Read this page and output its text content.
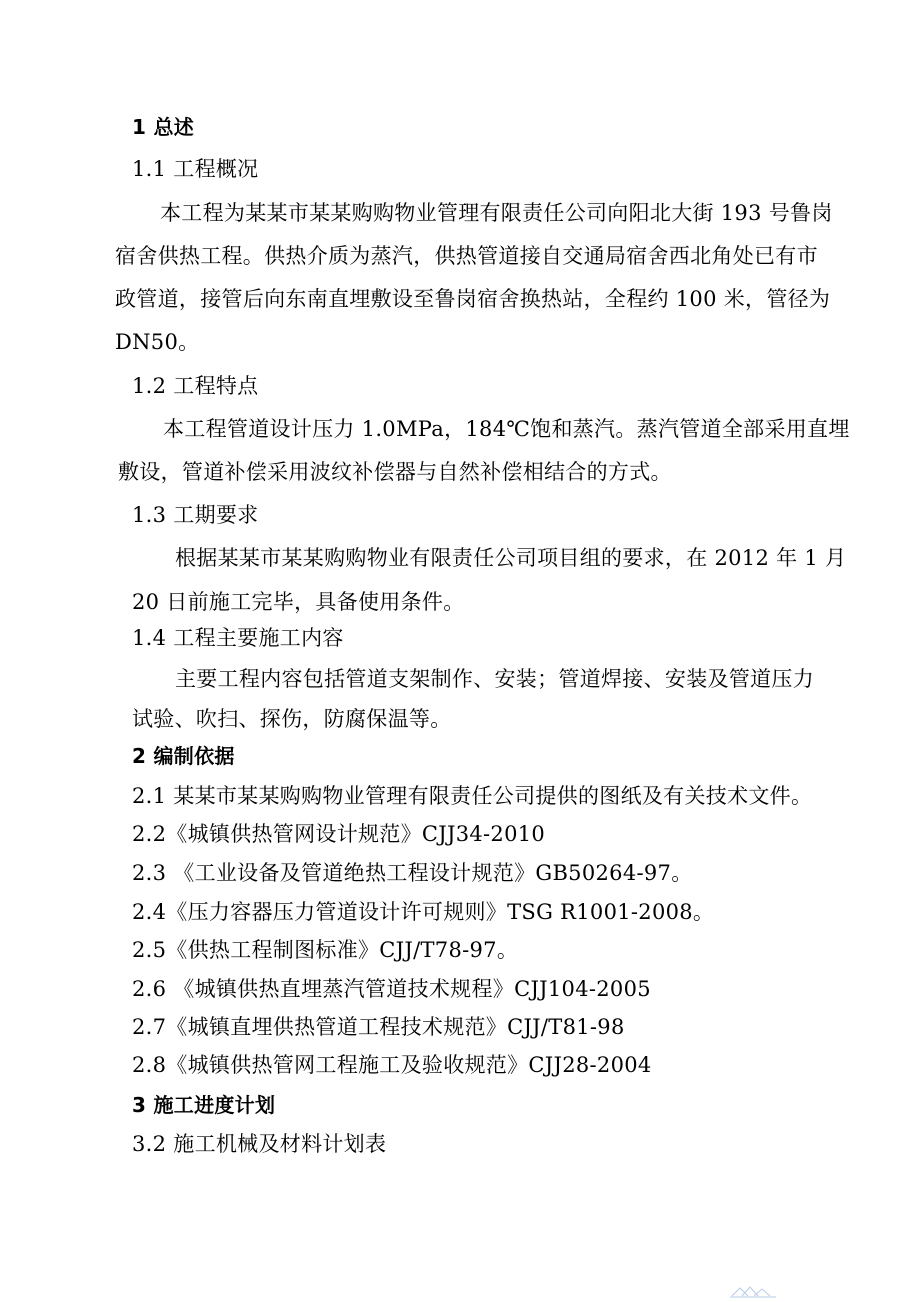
1 总述
1.1 工程概况
本工程为某某市某某购购物业管理有限责任公司向阳北大街 193 号鲁岗
宿舍供热工程。供热介质为蒸汽，供热管道接自交通局宿舍西北角处已有市
政管道，接管后向东南直埋敷设至鲁岗宿舍换热站，全程约 100 米，管径为
DN50。
1.2 工程特点
本工程管道设计压力 1.0MPa，184℃饱和蒸汽。蒸汽管道全部采用直埋
敷设，管道补偿采用波纹补偿器与自然补偿相结合的方式。
1.3 工期要求
根据某某市某某购购物业有限责任公司项目组的要求，在 2012 年 1 月
20 日前施工完毕，具备使用条件。
1.4 工程主要施工内容
主要工程内容包括管道支架制作、安装；管道焊接、安装及管道压力
试验、吹扫、探伤，防腐保温等。
2 编制依据
2.1 某某市某某购购物业管理有限责任公司提供的图纸及有关技术文件。
2.2《城镇供热管网设计规范》CJJ34-2010
2.3 《工业设备及管道绝热工程设计规范》GB50264-97。
2.4《压力容器压力管道设计许可规则》TSG R1001-2008。
2.5《供热工程制图标准》CJJ/T78-97。
2.6 《城镇供热直埋蒸汽管道技术规程》CJJ104-2005
2.7《城镇直埋供热管道工程技术规范》CJJ/T81-98
2.8《城镇供热管网工程施工及验收规范》CJJ28-2004
3 施工进度计划
3.2 施工机械及材料计划表
